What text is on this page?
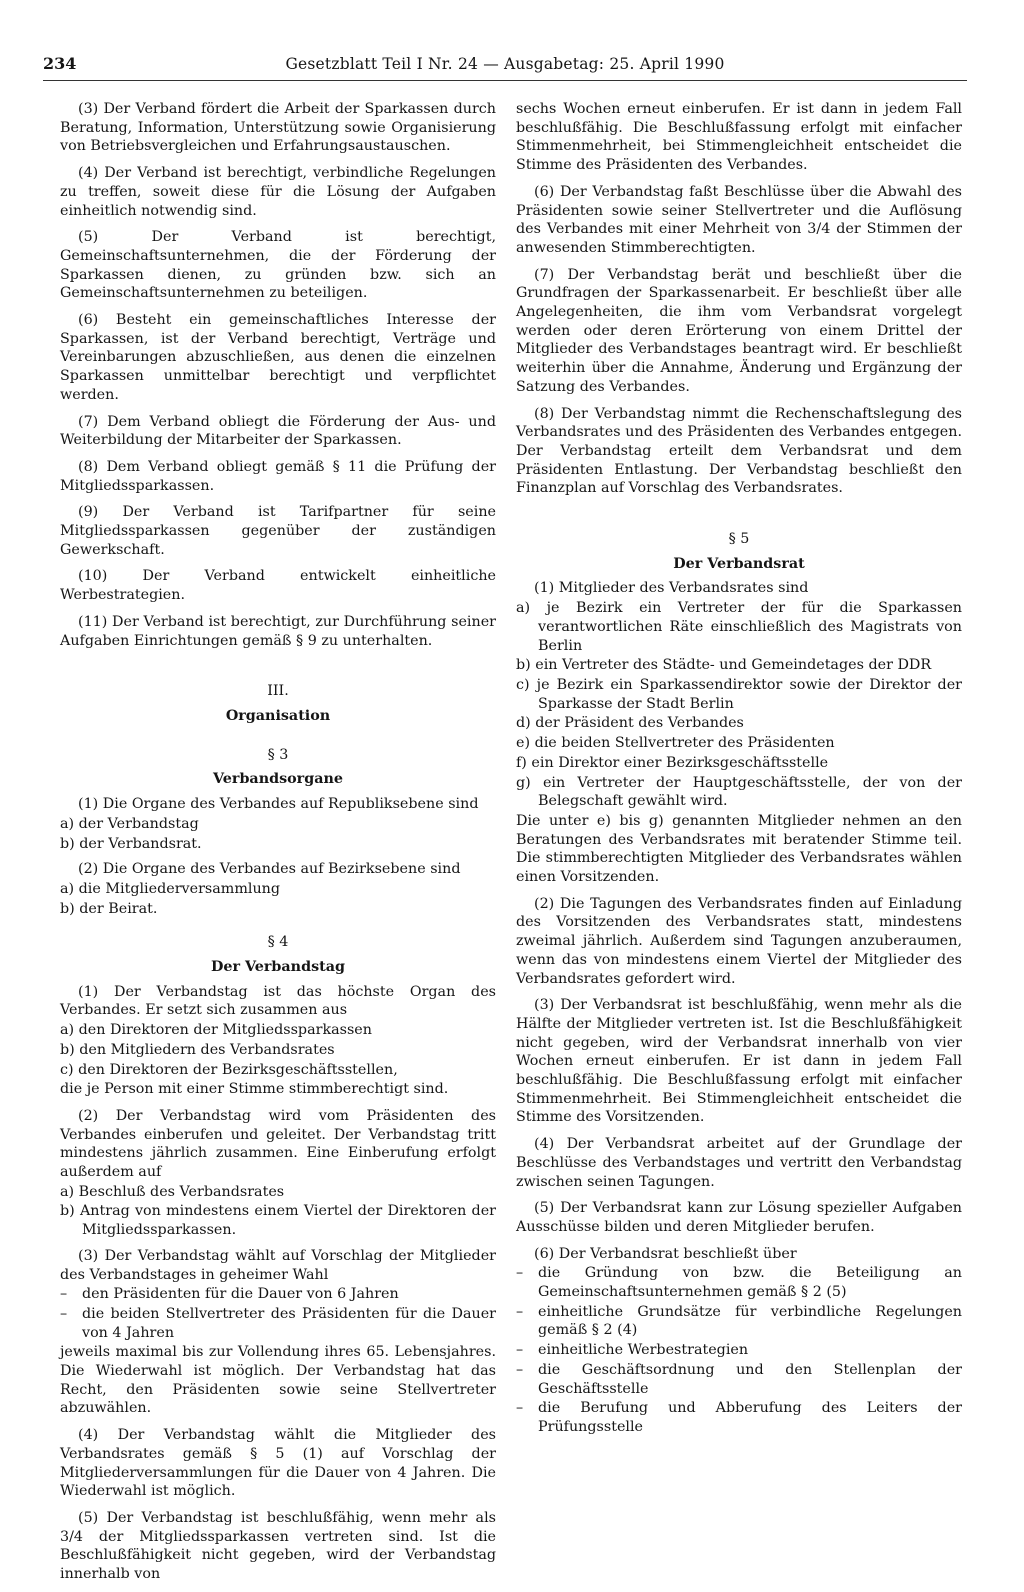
234	Gesetzblatt Teil I Nr. 24 — Ausgabetag: 25. April 1990

(3) Der Verband fördert die Arbeit der Sparkassen durch Beratung, Information, Unterstützung sowie Organisierung von Betriebsvergleichen und Erfahrungsaustauschen.

(4) Der Verband ist berechtigt, verbindliche Regelungen zu treffen, soweit diese für die Lösung der Aufgaben einheitlich notwendig sind.

(5) Der Verband ist berechtigt, Gemeinschaftsunternehmen, die der Förderung der Sparkassen dienen, zu gründen bzw. sich an Gemeinschaftsunternehmen zu beteiligen.

(6) Besteht ein gemeinschaftliches Interesse der Sparkassen, ist der Verband berechtigt, Verträge und Vereinbarungen abzuschließen, aus denen die einzelnen Sparkassen unmittelbar berechtigt und verpflichtet werden.

(7) Dem Verband obliegt die Förderung der Aus- und Weiterbildung der Mitarbeiter der Sparkassen.

(8) Dem Verband obliegt gemäß § 11 die Prüfung der Mitgliedssparkassen.

(9) Der Verband ist Tarifpartner für seine Mitgliedssparkassen gegenüber der zuständigen Gewerkschaft.

(10) Der Verband entwickelt einheitliche Werbestrategien.

(11) Der Verband ist berechtigt, zur Durchführung seiner Aufgaben Einrichtungen gemäß § 9 zu unterhalten.

III.

Organisation

§ 3

Verbandsorgane

(1) Die Organe des Verbandes auf Republiksebene sind

a) der Verbandstag

b) der Verbandsrat.

(2) Die Organe des Verbandes auf Bezirksebene sind

a) die Mitgliederversammlung

b) der Beirat.

§ 4

Der Verbandstag

(1) Der Verbandstag ist das höchste Organ des Verbandes. Er setzt sich zusammen aus

a) den Direktoren der Mitgliedssparkassen

b) den Mitgliedern des Verbandsrates

c) den Direktoren der Bezirksgeschäftsstellen,

die je Person mit einer Stimme stimmberechtigt sind.

(2) Der Verbandstag wird vom Präsidenten des Verbandes einberufen und geleitet. Der Verbandstag tritt mindestens jährlich zusammen. Eine Einberufung erfolgt außerdem auf

a) Beschluß des Verbandsrates

b) Antrag von mindestens einem Viertel der Direktoren der Mitgliedssparkassen.

(3) Der Verbandstag wählt auf Vorschlag der Mitglieder des Verbandstages in geheimer Wahl

– den Präsidenten für die Dauer von 6 Jahren

– die beiden Stellvertreter des Präsidenten für die Dauer von 4 Jahren

jeweils maximal bis zur Vollendung ihres 65. Lebensjahres. Die Wiederwahl ist möglich. Der Verbandstag hat das Recht, den Präsidenten sowie seine Stellvertreter abzuwählen.

(4) Der Verbandstag wählt die Mitglieder des Verbandsrates gemäß § 5 (1) auf Vorschlag der Mitgliederversammlungen für die Dauer von 4 Jahren. Die Wiederwahl ist möglich.

(5) Der Verbandstag ist beschlußfähig, wenn mehr als 3/4 der Mitgliedssparkassen vertreten sind. Ist die Beschlußfähigkeit nicht gegeben, wird der Verbandstag innerhalb von

sechs Wochen erneut einberufen. Er ist dann in jedem Fall beschlußfähig. Die Beschlußfassung erfolgt mit einfacher Stimmenmehrheit, bei Stimmengleichheit entscheidet die Stimme des Präsidenten des Verbandes.

(6) Der Verbandstag faßt Beschlüsse über die Abwahl des Präsidenten sowie seiner Stellvertreter und die Auflösung des Verbandes mit einer Mehrheit von 3/4 der Stimmen der anwesenden Stimmberechtigten.

(7) Der Verbandstag berät und beschließt über die Grundfragen der Sparkassenarbeit. Er beschließt über alle Angelegenheiten, die ihm vom Verbandsrat vorgelegt werden oder deren Erörterung von einem Drittel der Mitglieder des Verbandstages beantragt wird. Er beschließt weiterhin über die Annahme, Änderung und Ergänzung der Satzung des Verbandes.

(8) Der Verbandstag nimmt die Rechenschaftslegung des Verbandsrates und des Präsidenten des Verbandes entgegen. Der Verbandstag erteilt dem Verbandsrat und dem Präsidenten Entlastung. Der Verbandstag beschließt den Finanzplan auf Vorschlag des Verbandsrates.

§ 5

Der Verbandsrat

(1) Mitglieder des Verbandsrates sind

a) je Bezirk ein Vertreter der für die Sparkassen verantwortlichen Räte einschließlich des Magistrats von Berlin

b) ein Vertreter des Städte- und Gemeindetages der DDR

c) je Bezirk ein Sparkassendirektor sowie der Direktor der Sparkasse der Stadt Berlin

d) der Präsident des Verbandes

e) die beiden Stellvertreter des Präsidenten

f) ein Direktor einer Bezirksgeschäftsstelle

g) ein Vertreter der Hauptgeschäftsstelle, der von der Belegschaft gewählt wird.

Die unter e) bis g) genannten Mitglieder nehmen an den Beratungen des Verbandsrates mit beratender Stimme teil. Die stimmberechtigten Mitglieder des Verbandsrates wählen einen Vorsitzenden.

(2) Die Tagungen des Verbandsrates finden auf Einladung des Vorsitzenden des Verbandsrates statt, mindestens zweimal jährlich. Außerdem sind Tagungen anzuberaumen, wenn das von mindestens einem Viertel der Mitglieder des Verbandsrates gefordert wird.

(3) Der Verbandsrat ist beschlußfähig, wenn mehr als die Hälfte der Mitglieder vertreten ist. Ist die Beschlußfähigkeit nicht gegeben, wird der Verbandsrat innerhalb von vier Wochen erneut einberufen. Er ist dann in jedem Fall beschlußfähig. Die Beschlußfassung erfolgt mit einfacher Stimmenmehrheit. Bei Stimmengleichheit entscheidet die Stimme des Vorsitzenden.

(4) Der Verbandsrat arbeitet auf der Grundlage der Beschlüsse des Verbandstages und vertritt den Verbandstag zwischen seinen Tagungen.

(5) Der Verbandsrat kann zur Lösung spezieller Aufgaben Ausschüsse bilden und deren Mitglieder berufen.

(6) Der Verbandsrat beschließt über

– die Gründung von bzw. die Beteiligung an Gemeinschaftsunternehmen gemäß § 2 (5)

– einheitliche Grundsätze für verbindliche Regelungen gemäß § 2 (4)

– einheitliche Werbestrategien

– die Geschäftsordnung und den Stellenplan der Geschäftsstelle

– die Berufung und Abberufung des Leiters der Prüfungsstelle
